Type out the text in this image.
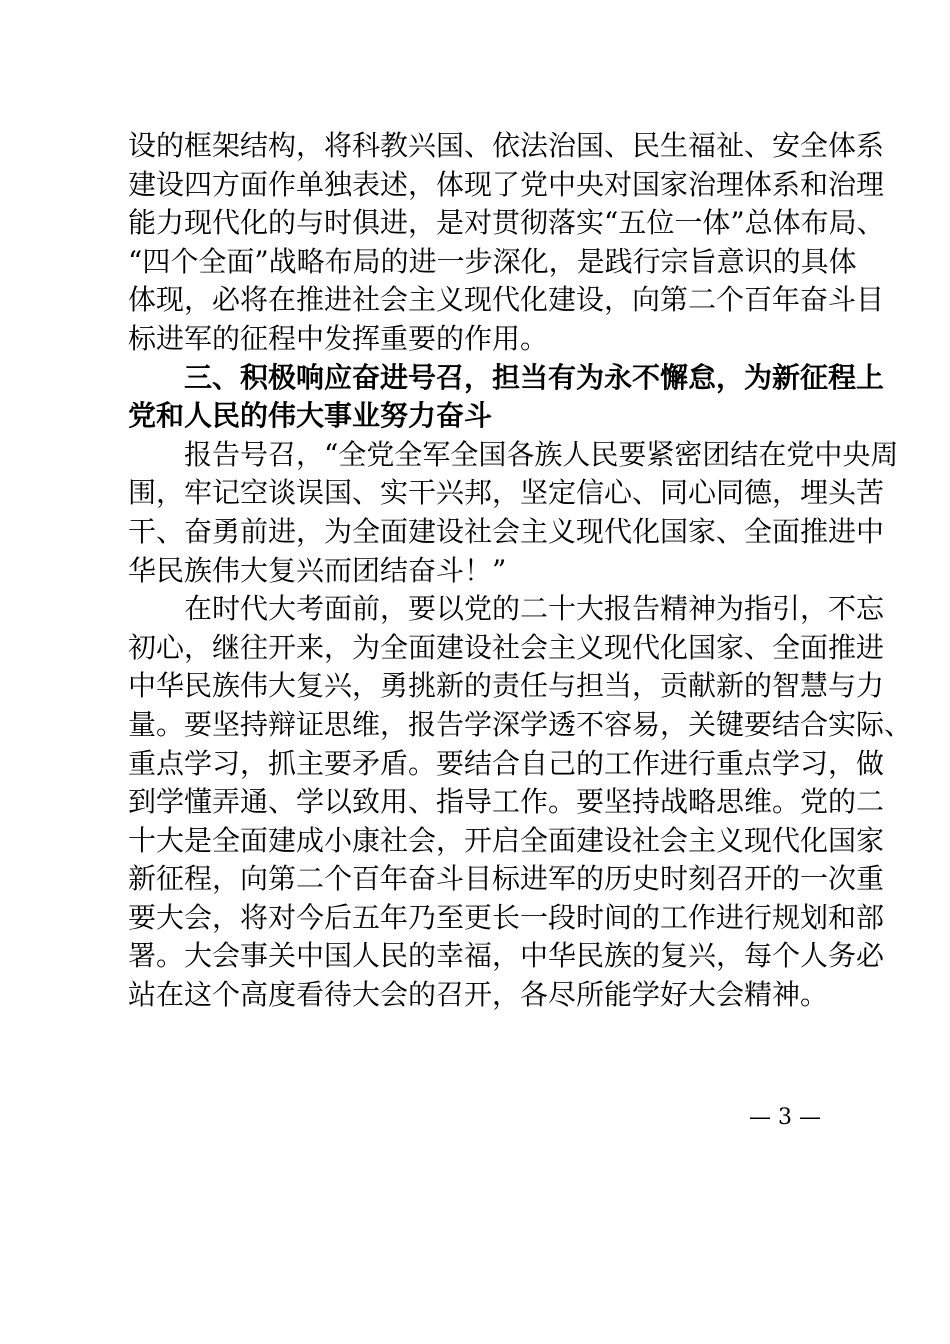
设的框架结构，将科教兴国、依法治国、民生福祉、安全体系
建设四方面作单独表述，体现了党中央对国家治理体系和治理
能力现代化的与时俱进，是对贯彻落实“五位一体”总体布局、
“四个全面”战略布局的进一步深化，是践行宗旨意识的具体
体现，必将在推进社会主义现代化建设，向第二个百年奋斗目
标进军的征程中发挥重要的作用。
三、积极响应奋进号召，担当有为永不懈怠，为新征程上
党和人民的伟大事业努力奋斗
报告号召，“全党全军全国各族人民要紧密团结在党中央周
围，牢记空谈误国、实干兴邦，坚定信心、同心同德，埋头苦
干、奋勇前进，为全面建设社会主义现代化国家、全面推进中
华民族伟大复兴而团结奋斗！”
在时代大考面前，要以党的二十大报告精神为指引，不忘
初心，继往开来，为全面建设社会主义现代化国家、全面推进
中华民族伟大复兴，勇挑新的责任与担当，贡献新的智慧与力
量。要坚持辩证思维，报告学深学透不容易，关键要结合实际、
重点学习，抓主要矛盾。要结合自己的工作进行重点学习，做
到学懂弄通、学以致用、指导工作。要坚持战略思维。党的二
十大是全面建成小康社会，开启全面建设社会主义现代化国家
新征程，向第二个百年奋斗目标进军的历史时刻召开的一次重
要大会，将对今后五年乃至更长一段时间的工作进行规划和部
署。大会事关中国人民的幸福，中华民族的复兴，每个人务必
站在这个高度看待大会的召开，各尽所能学好大会精神。
— 3 —
